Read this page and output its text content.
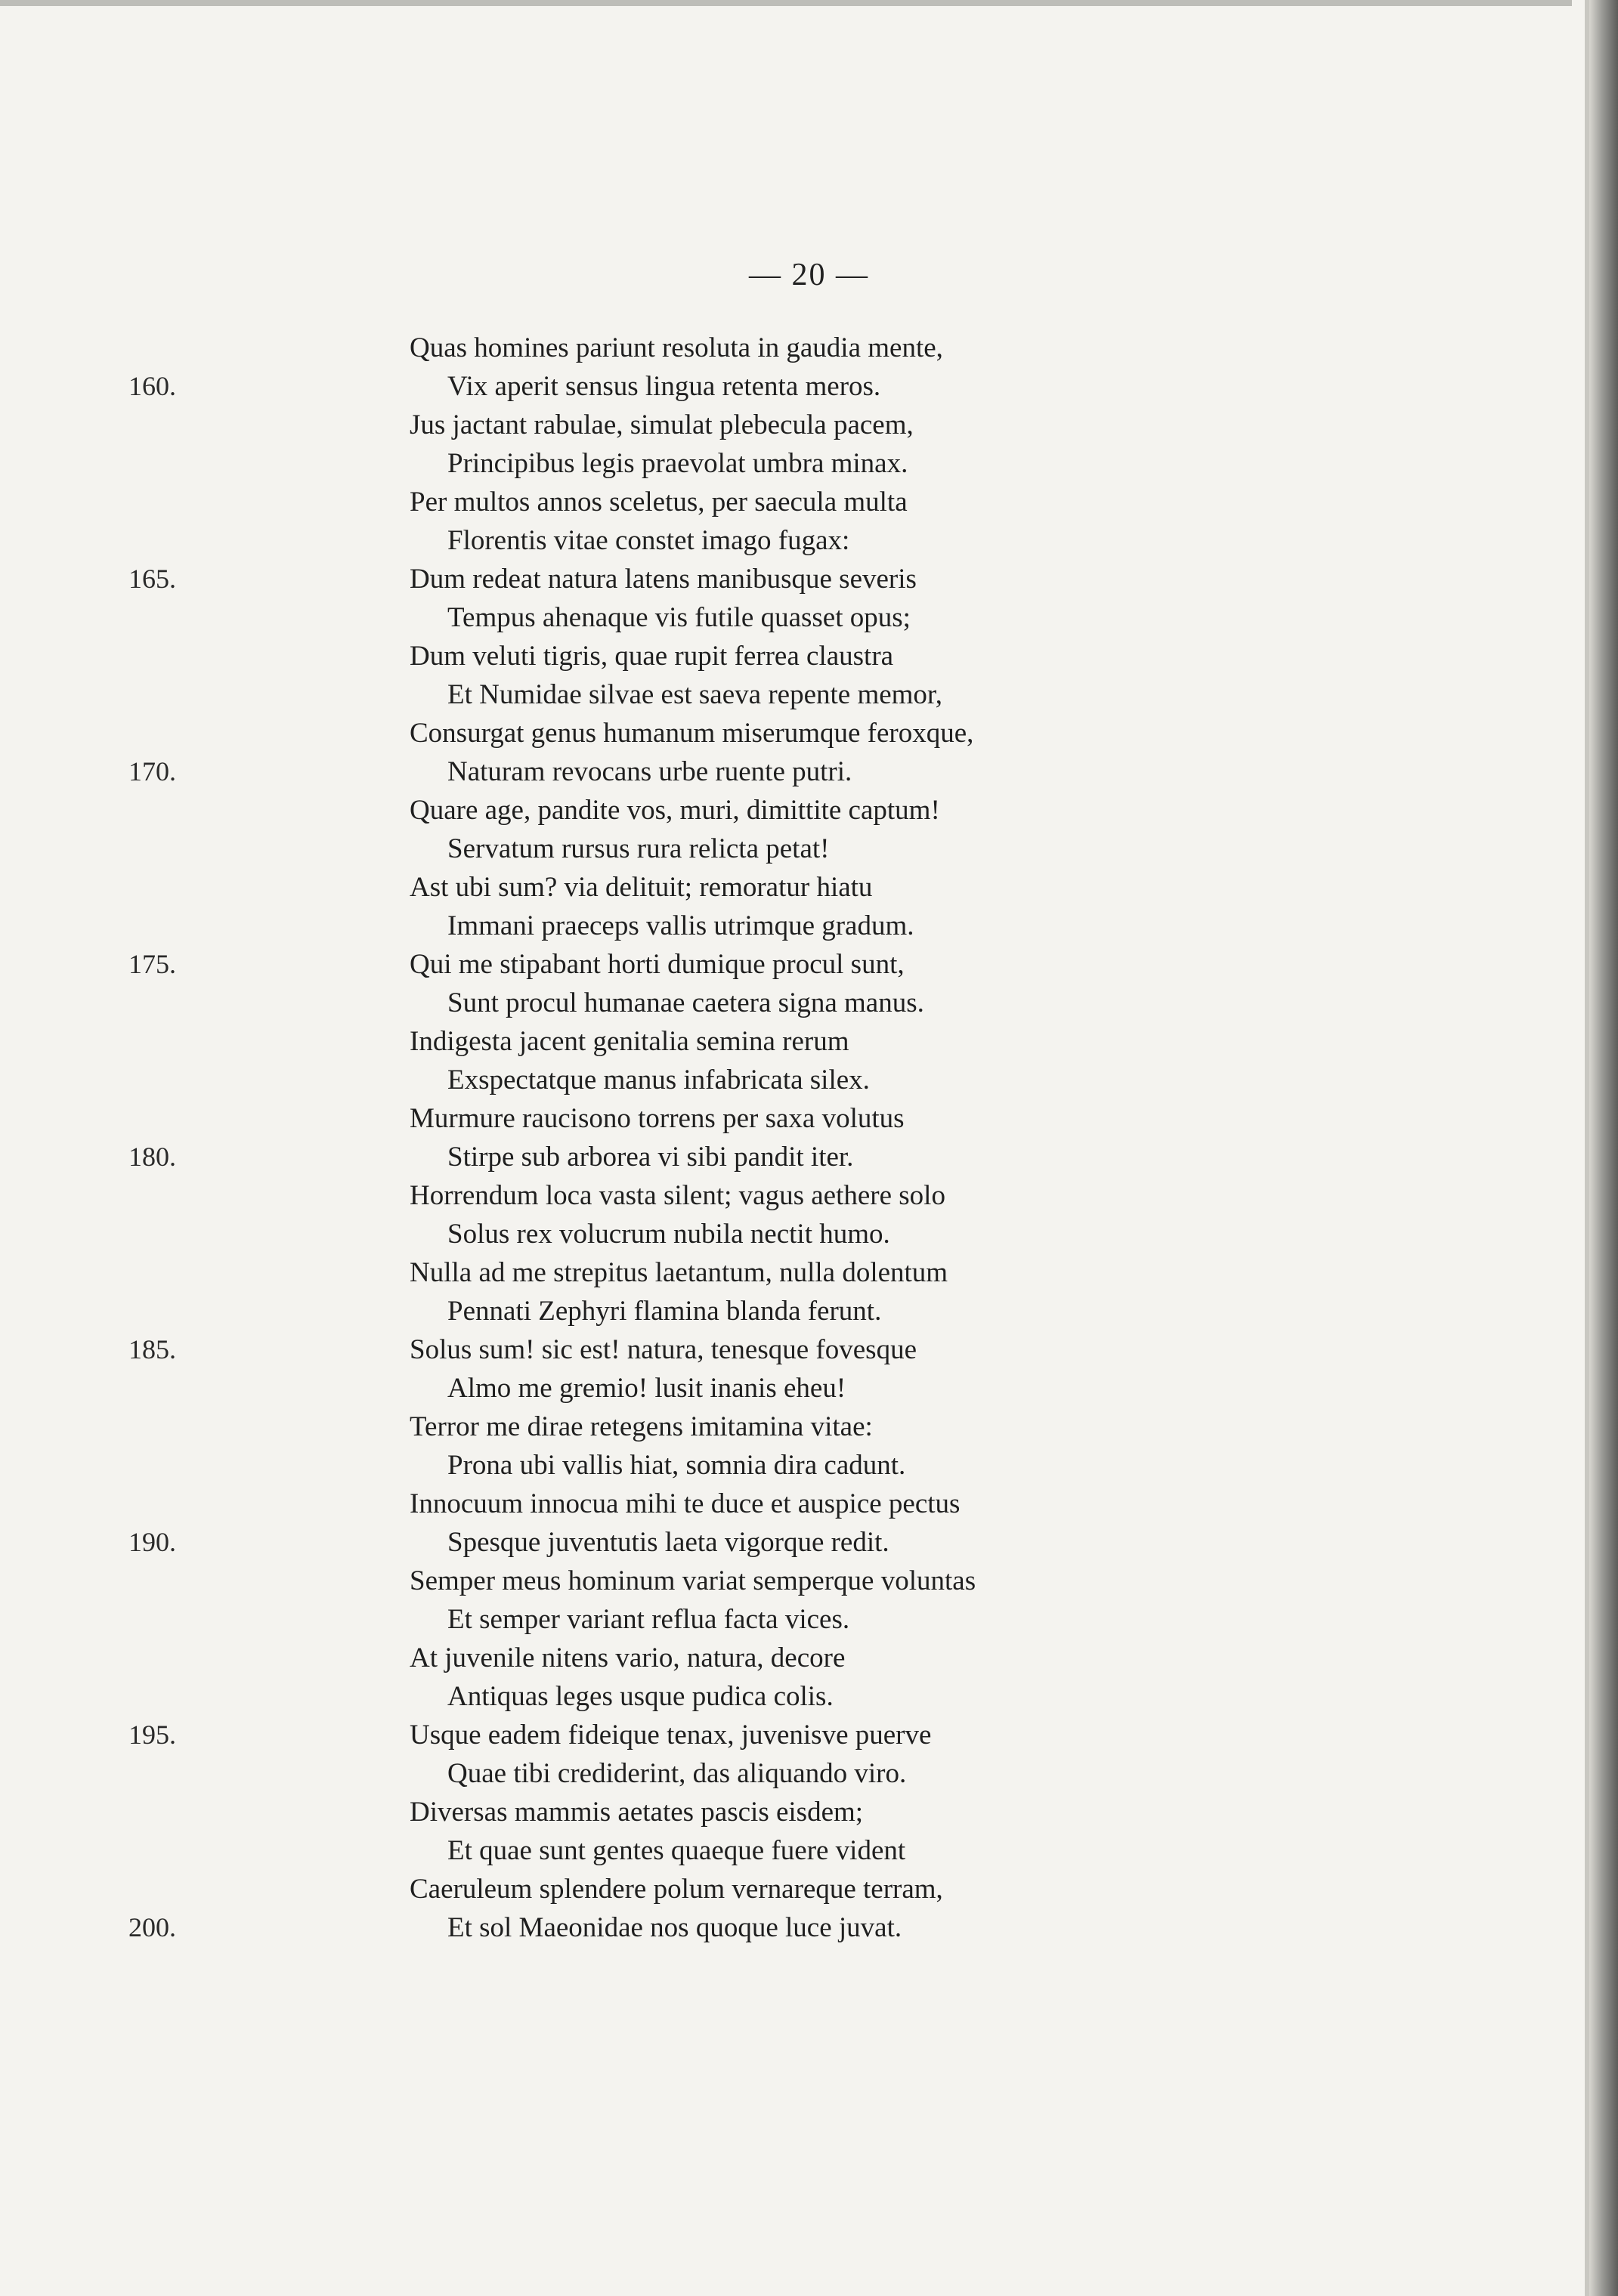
— 20 —
Quas homines pariunt resoluta in gaudia mente,
160.	Vix aperit sensus lingua retenta meros.
Jus jactant rabulae, simulat plebecula pacem,
Principibus legis praevolat umbra minax.
Per multos annos sceletus, per saecula multa
Florentis vitae constet imago fugax:
165.	Dum redeat natura latens manibusque severis
Tempus ahenaque vis futile quasset opus;
Dum veluti tigris, quae rupit ferrea claustra
Et Numidae silvae est saeva repente memor,
Consurgat genus humanum miserumque feroxque,
170.	Naturam revocans urbe ruente putri.
Quare age, pandite vos, muri, dimittite captum!
Servatum rursus rura relicta petat!
Ast ubi sum? via delituit; remoratur hiatu
Immani praeceps vallis utrimque gradum.
175.	Qui me stipabant horti dumique procul sunt,
Sunt procul humanae caetera signa manus.
Indigesta jacent genitalia semina rerum
Exspectatque manus infabricata silex.
Murmure raucisono torrens per saxa volutus
180.	Stirpe sub arborea vi sibi pandit iter.
Horrendum loca vasta silent; vagus aethere solo
Solus rex volucrum nubila nectit humo.
Nulla ad me strepitus laetantum, nulla dolentum
Pennati Zephyri flamina blanda ferunt.
185.	Solus sum! sic est! natura, tenesque fovesque
Almo me gremio! lusit inanis eheu!
Terror me dirae retegens imitamina vitae:
Prona ubi vallis hiat, somnia dira cadunt.
Innocuum innocua mihi te duce et auspice pectus
190.	Spesque juventutis laeta vigorque redit.
Semper meus hominum variat semperque voluntas
Et semper variant reflua facta vices.
At juvenile nitens vario, natura, decore
Antiquas leges usque pudica colis.
195.	Usque eadem fideique tenax, juvenisve puerve
Quae tibi crediderint, das aliquando viro.
Diversas mammis aetates pascis eisdem;
Et quae sunt gentes quaeque fuere vident
Caeruleum splendere polum vernareque terram,
200.	Et sol Maeonidae nos quoque luce juvat.
